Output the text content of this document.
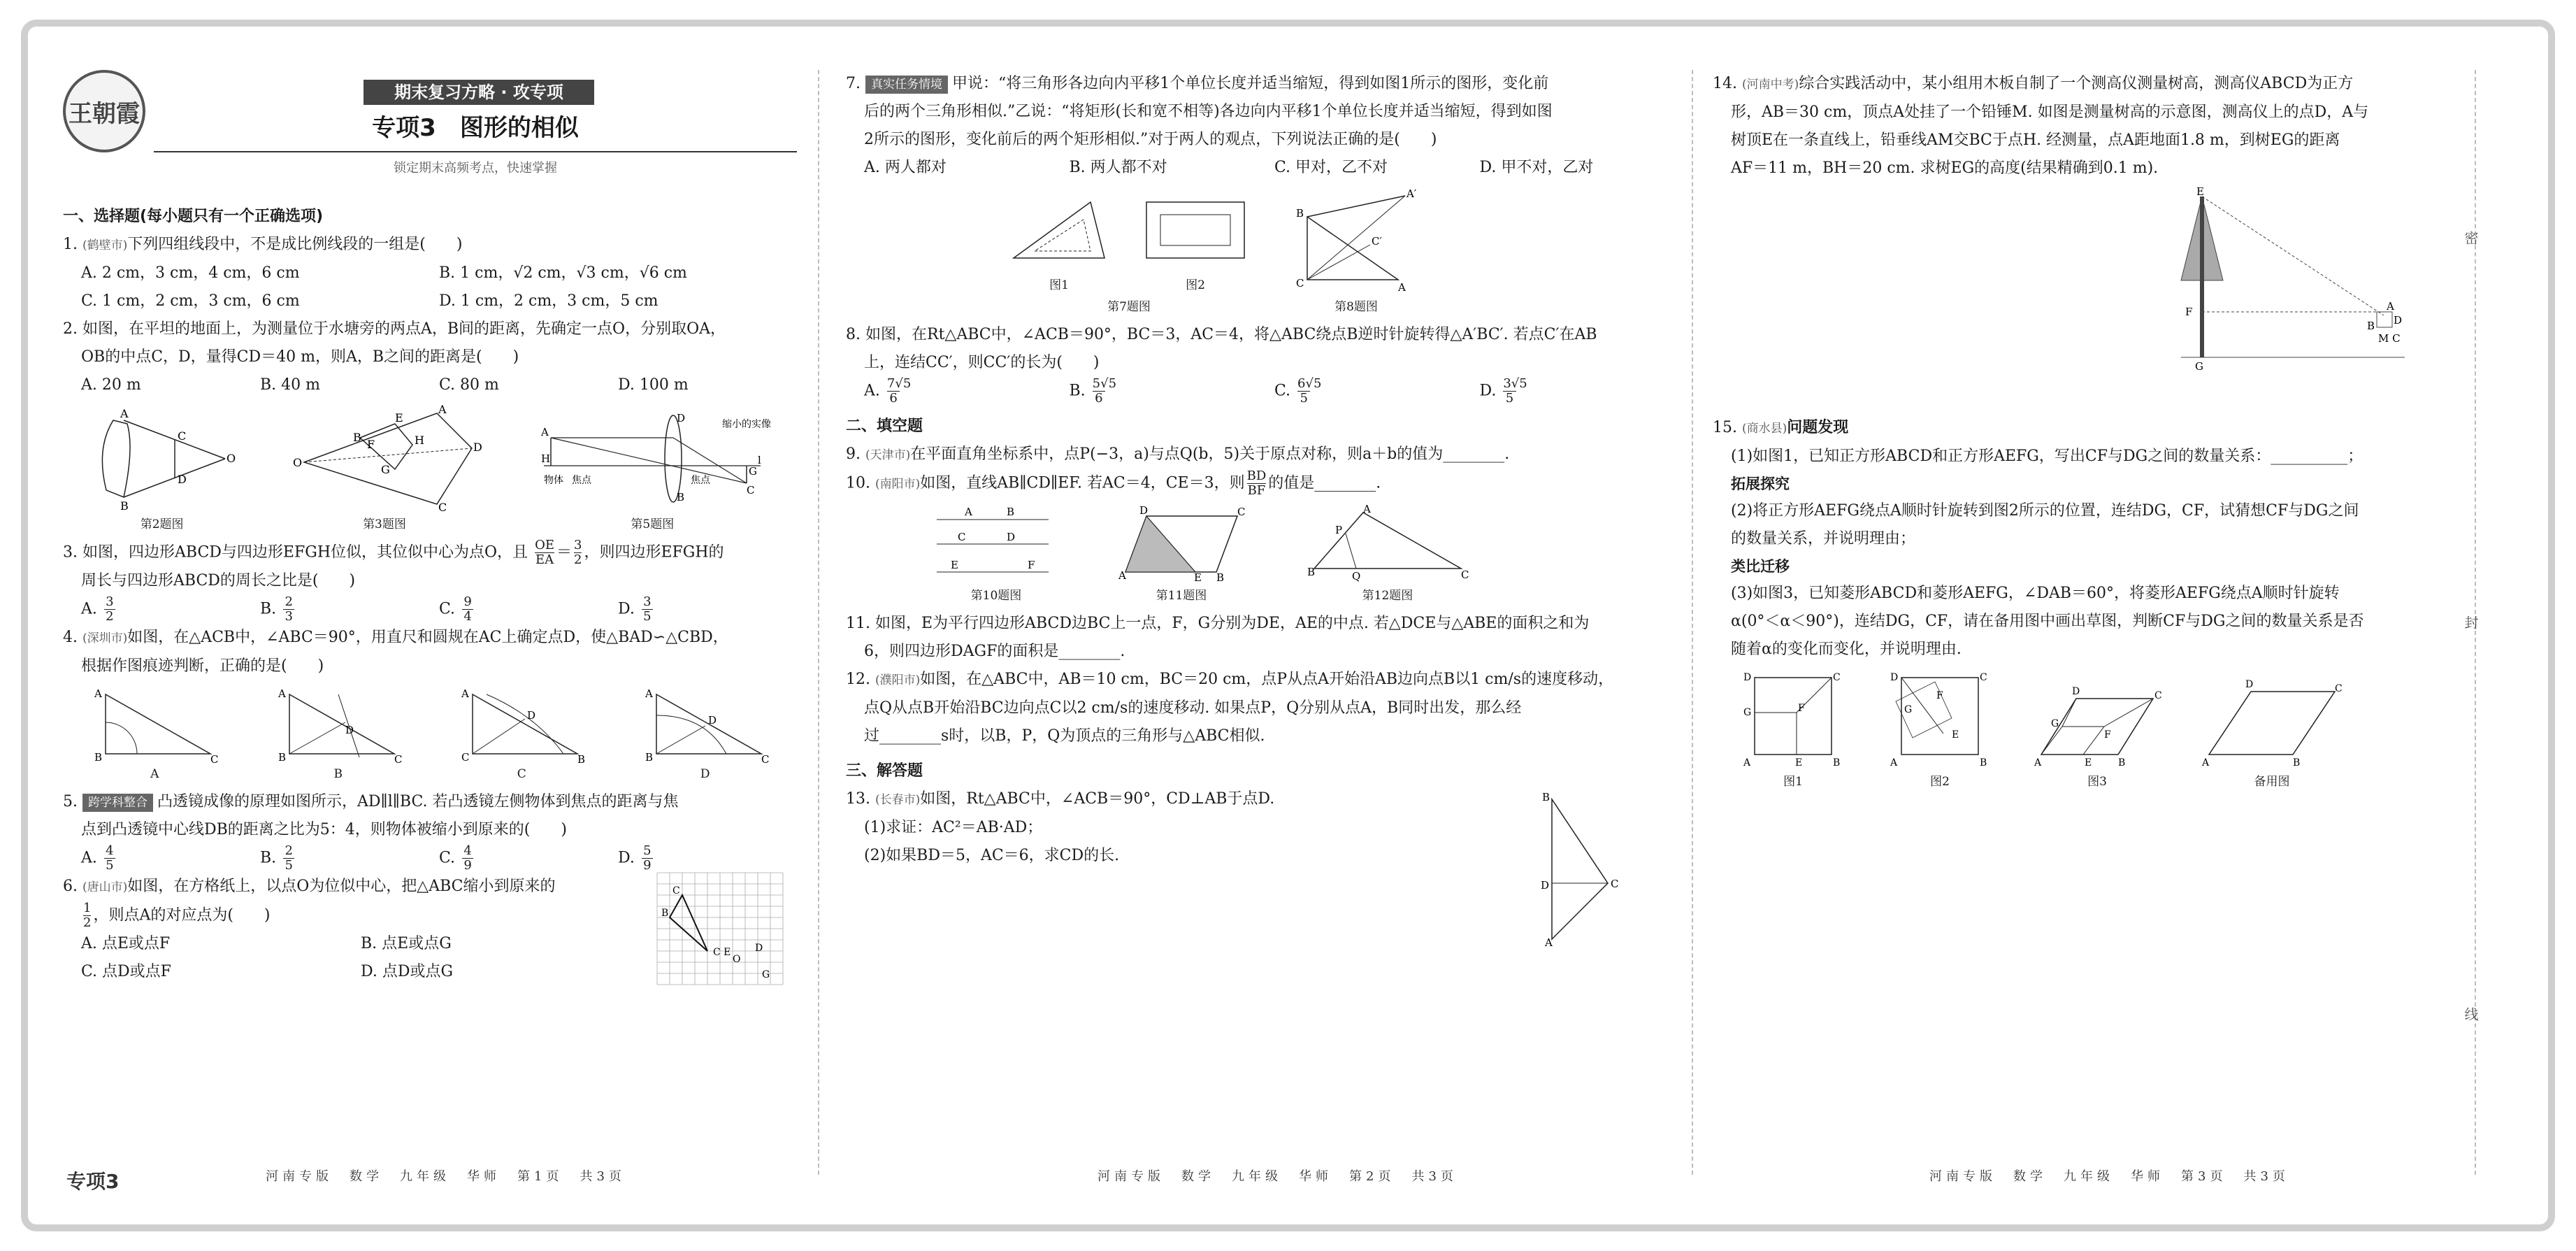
密
封
线
王朝霞
期末复习方略 · 攻专项
专项3　图形的相似
锁定期末高频考点，快速掌握
一、选择题(每小题只有一个正确选项)

1. (鹤壁市)下列四组线段中，不是成比例线段的一组是(　　)

A. 2 cm，3 cm，4 cm，6 cm	B. 1 cm，√2 cm，√3 cm，√6 cm
C. 1 cm，2 cm，3 cm，6 cm	D. 1 cm，2 cm，3 cm，5 cm

2. 如图，在平坦的地面上，为测量位于水塘旁的两点A，B间的距离，先确定一点O，分别取OA，

OB的中点C，D，量得CD＝40 m，则A，B之间的距离是(　　)

A. 20 m	B. 40 m	C. 80 m	D. 100 m
B
A
C
D
O
第2题图
O
A
D
C
E
H
G
F
B
第3题图
A
H
D
B
C
G
l
物体 焦点	焦点
缩小的实像
第5题图

3. 如图，四边形ABCD与四边形EFGH位似，其位似中心为点O，且 $\frac{OE}{EA} = \frac{3}{2}$ ，则四边形EFGH的

周长与四边形ABCD的周长之比是(　　)

A. $\frac{3}{2}$	B. $\frac{2}{3}$	C. $\frac{9}{4}$	D. $\frac{3}{5}$

4. (深圳市)如图，在△ACB中，∠ABC＝90°，用直尺和圆规在AC上确定点D，使△BAD∽△CBD，

根据作图痕迹判断，正确的是(　　)

A
B	C
A
A
B	C
D
B
A
C	B
D
C
A
B	C
D
D

5. 跨学科整合 凸透镜成像的原理如图所示，AD∥l∥BC. 若凸透镜左侧物体到焦点的距离与焦

点到凸透镜中心线DB的距离之比为5：4，则物体被缩小到原来的(　　)

A. $\frac{4}{5}$	B. $\frac{2}{5}$	C. $\frac{4}{9}$	D. $\frac{5}{9}$

6. (唐山市)如图，在方格纸上，以点O为位似中心，把△ABC缩小到原来的

$\frac{1}{2}$ ，则点A的对应点为(　　)

A. 点E或点F	B. 点E或点G
C. 点D或点F	D. 点D或点G
C
B
C E
O
D
G

7. 真实任务情境 甲说：“将三角形各边向内平移1个单位长度并适当缩短，得到如图1所示的图形，变化前

后的两个三角形相似.”乙说：“将矩形(长和宽不相等)各边向内平移1个单位长度并适当缩短，得到如图

2所示的图形，变化前后的两个矩形相似.”对于两人的观点，下列说法正确的是(　　)

A. 两人都对	B. 两人都不对	C. 甲对，乙不对	D. 甲不对，乙对
图1	图2
第7题图
B
C	A
A′
C′
第8题图

8. 如图，在Rt△ABC中，∠ACB＝90°，BC＝3，AC＝4，将△ABC绕点B逆时针旋转得△A′BC′. 若点C′在AB

上，连结CC′，则CC′的长为(　　)

A. $\frac{7√5}{6}$	B. $\frac{5√5}{6}$	C. $\frac{6√5}{5}$	D. $\frac{3√5}{5}$
二、填空题

9. (天津市)在平面直角坐标系中，点P(−3，a)与点Q(b，5)关于原点对称，则a＋b的值为________.

10. (南阳市)如图，直线AB∥CD∥EF. 若AC＝4，CE＝3，则 $\frac{BD}{BF}$ 的值是________.

A	B
C	D
E	F
第10题图
A
D	C
B
E
第11题图
B	C
A
P
Q
第12题图

11. 如图，E为平行四边形ABCD边BC上一点，F，G分别为DE，AE的中点. 若△DCE与△ABE的面积之和为

6，则四边形DAGF的面积是________.

12. (濮阳市)如图，在△ABC中，AB＝10 cm，BC＝20 cm，点P从点A开始沿AB边向点B以1 cm/s的速度移动，

点Q从点B开始沿BC边向点C以2 cm/s的速度移动. 如果点P，Q分别从点A，B同时出发，那么经

过________s时，以B，P，Q为顶点的三角形与△ABC相似.

三、解答题

13. (长春市)如图，Rt△ABC中，∠ACB＝90°，CD⊥AB于点D.

(1)求证：AC²＝AB·AD；

(2)如果BD＝5，AC＝6，求CD的长.

B
D	C
A

14. (河南中考)综合实践活动中，某小组用木板自制了一个测高仪测量树高，测高仪ABCD为正方

形，AB＝30 cm，顶点A处挂了一个铅锤M. 如图是测量树高的示意图，测高仪上的点D，A与

树顶E在一条直线上，铅垂线AM交BC于点H. 经测量，点A距地面1.8 m，到树EG的距离

AF＝11 m，BH＝20 cm. 求树EG的高度(结果精确到0.1 m).

E
F
G
A
D
B
M C

15. (商水县)问题发现

(1)如图1，已知正方形ABCD和正方形AEFG，写出CF与DG之间的数量关系：__________；

拓展探究

(2)将正方形AEFG绕点A顺时针旋转到图2所示的位置，连结DG，CF，试猜想CF与DG之间

的数量关系，并说明理由；

类比迁移

(3)如图3，已知菱形ABCD和菱形AEFG，∠DAB＝60°，将菱形AEFG绕点A顺时针旋转

α(0°＜α＜90°)，连结DG，CF，请在备用图中画出草图，判断CF与DG之间的数量关系是否

随着α的变化而变化，并说明理由.

D	C
A	B
G
E
F
图1
D	C
A	B
G
E
F
图2
D	C
A	B
G
E
F
图3
D	C
A	B
备用图
专项3	河南专版　数学　九年级　华师　第1页　共3页	河南专版　数学　九年级　华师　第2页　共3页	河南专版　数学　九年级　华师　第3页　共3页
